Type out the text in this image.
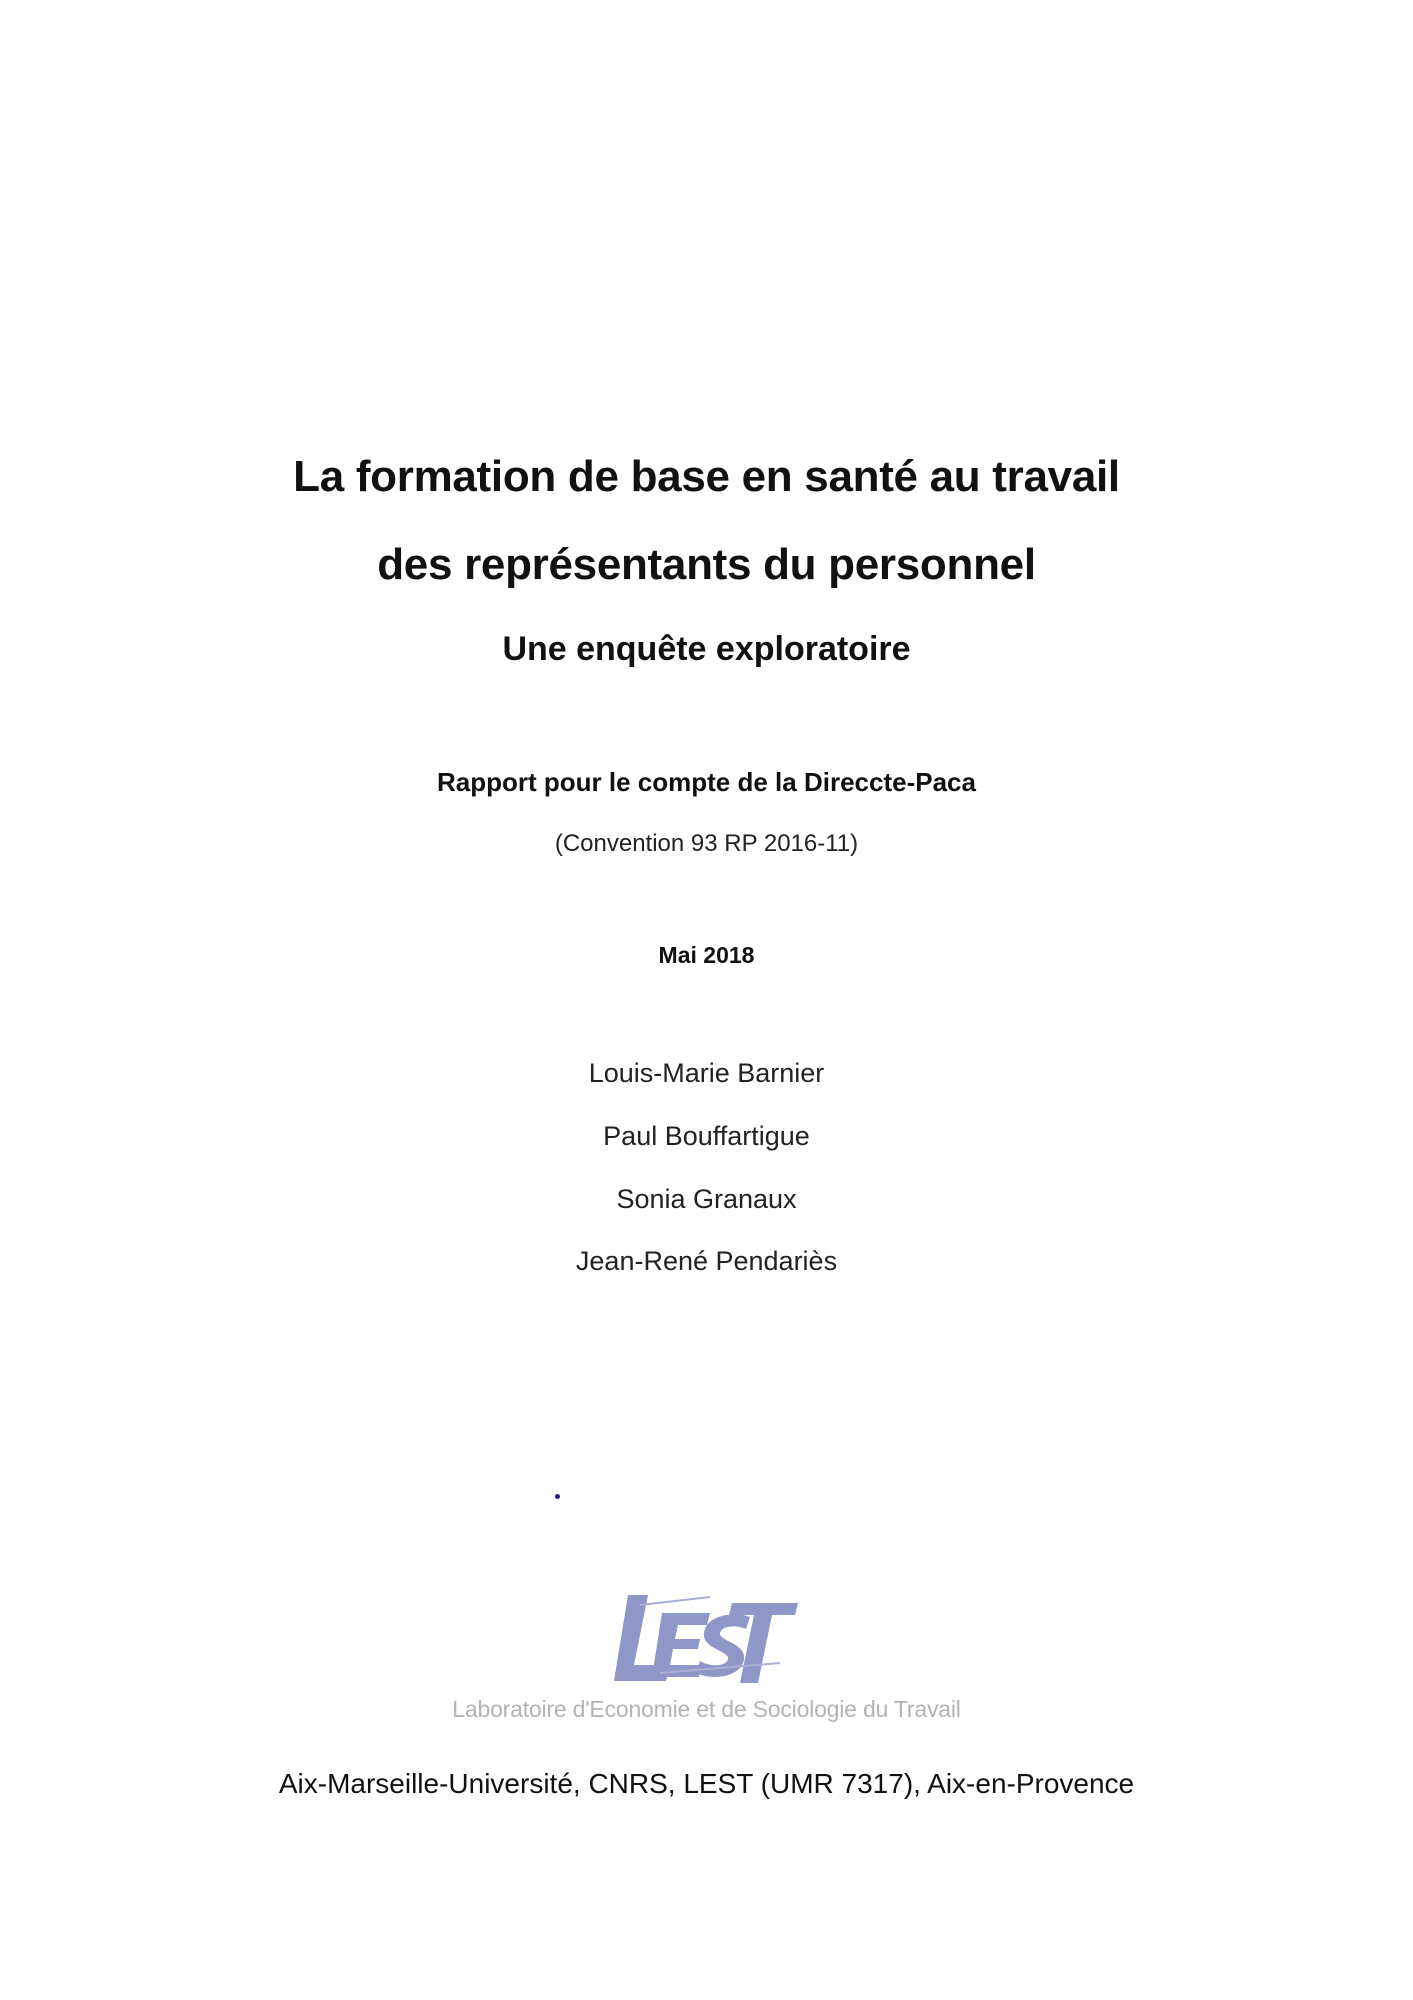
La formation de base en santé au travail
des représentants du personnel
Une enquête exploratoire
Rapport pour le compte de la Direccte-Paca
(Convention 93 RP 2016-11)
Mai 2018
Louis-Marie Barnier
Paul Bouffartigue
Sonia Granaux
Jean-René Pendariès
Laboratoire d'Economie et de Sociologie du Travail
Aix-Marseille-Université, CNRS, LEST (UMR 7317), Aix-en-Provence
